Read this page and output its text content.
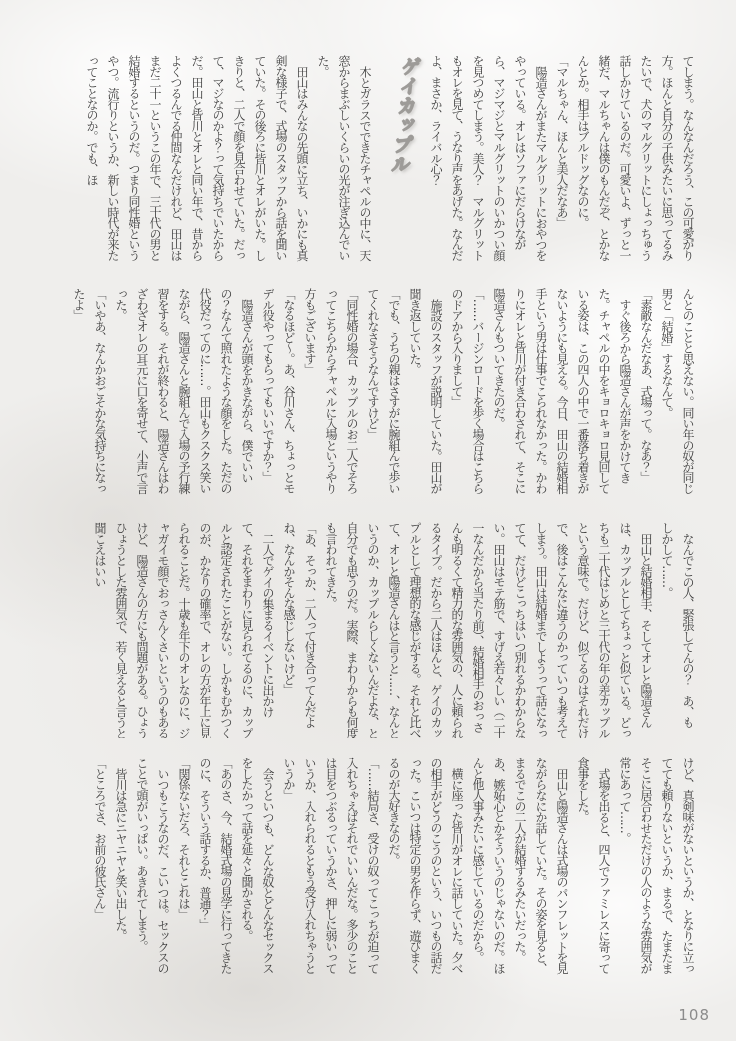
てしまう。なんなんだろう、この可愛がり方。ほんと自分の子供みたいに思ってるみたいで、犬のマルグリットにしょっちゅう話しかけているのだ。可愛いよ、ずっと一緒だ、マルちゃんは僕のもんだぞ、とかなんとか。相手はブルドッグなのに。

「マルちゃん、ほんと美人だなあ」

陽造さんがまたマルグリットにおやつをやっている。オレはソファにだらけながら、マジマジとマルグリットのいかつい顔を見つめてしまう。美人？　マルグリットもオレを見て、うなり声をあげた。なんだよ、まさか、ライバル心？

ゲイカップル

木とガラスでできたチャペルの中に、天窓からまぶしいくらいの光が注ぎ込んでいた。

田山はみんなの先頭に立ち、いかにも真剣な様子で、式場のスタッフから話を聞いていた。その後ろに皆川とオレがいた。しきりと、二人で顔を見合わせていた。だって、マジなのかよ？って気持ちでいたからだ。田山と皆川とオレと同い年で、昔からよくつるんでる仲間なんだけれど、田山はまだ二十一というこの年で、三十代の男と結婚するというのだ。つまり同性婚というやつ。流行りというか、新しい時代が来たってことなのか。でも、ほ

んとのことと思えない。同い年の奴が同じ男と「結婚」するなんて。

「素敵なんだなあ、式場って。なあ？」

すぐ後ろから陽造さんが声をかけてきた。チャペルの中をキョロキョロ見回している姿は、この四人の中で一番落ち着きがないようにも見える。今日、田山の結婚相手という男は仕事でこられなかった。かわりにオレと皆川が付き合わされて、そこに陽造さんもついてきたのだ。

「……バージンロードを歩く場合はこちらのドアから入りまして」

施設のスタッフが説明していた。田山が聞き返していた。

「でも、うちの親はさすがに腕組んで歩いてくれなさそうなんですけど」

「同性婚の場合、カップルのお二人でそろってこちらからチャペルに入場というやり方もございます」

「なるほど〜。あ、谷川さん、ちょっとモデル役やってもらってもいいですか？」

陽造さんが頭をかきながら、僕でいいの？なんて照れたような顔をした。ただの代役だってのに……。田山もクスクス笑いながら、陽造さんと腕組んで入場の予行練習をする。それが終わると、陽造さんはわざわざオレの耳元に口を寄せて、小声で言った。

「いやあ、なんかおごそかな気持ちになったよ」

なんでこの人、緊張してんの？　あ、もしかして……。

田山と結婚相手、そしてオレと陽造さんは、カップルとしてちょっと似ている。どっちも二十代はじめと三十代の年の差カップルという意味で。だけど、似てるのはそれだけで、後はこんなに違うのかっていつも考えてしまう。田山は結婚までしようって話になってて、だけどこっちはいつ別れるかわからない。田山はモテ筋で、すげえ若々しい（二十一なんだから当たり前）、結婚相手のおっさんも明るくて精力的な雰囲気の、人に頼られるタイプ。だから二人はほんと、ゲイのカップルとして理想的な感じがする。それと比べて、オレと陽造さんはと言うと……、なんというのか、カップルらしくないんだよな、と自分でも思うのだ。実際、まわりからも何度も言われてきた。

「あ、そっか、二人って付き合ってんだよね、なんかそんな感じしないけど」

二人でゲイの集まるイベントに出かけて、それをまわりに見られてるのに、カップルと認定されたことがない。しかもむかつくのが、かなりの確率で、オレの方が年上に見られることだ。十歳も年下のオレなのに、ジャガイモ顔でおっさんくさいというのもあるけど、陽造さんの方にも問題がある。ひょうひょうとした雰囲気で、若く見えると言うと聞こえはいい

けど、真剣味がないというか、となりに立ってても頼りないというか、まるで、たまたまそこに居合わせただけの人のような雰囲気が常にあって……。

式場を出ると、四人でファミレスに寄って食事をした。

田山と陽造さんは式場のパンフレットを見ながらなにか話していた。その姿を見ると、まるでこの二人が結婚するみたいだった。あ、嫉妬心とかそういうのじゃないのだ。ほんと他人事みたいに感じているのだから。

横に座った皆川がオレに話していた。夕べの相手がどうのこうのという、いつもの話だった。こいつは特定の男を作らず、遊びまくるのが大好きなのだ。

「……結局さ、受けの奴ってこっちが迫って入れちゃえばそれでいいんだな。多少のことは目をつぶるっていうかさ、押しに弱いっていうか、入れられるともう受け入れちゃうというか」

会うといつも、どんな奴とどんなセックスをしたかって話を延々と聞かされる。

「あのさ、今、結婚式場の見学に行ってきたのに、そういう話するか、普通？」

「関係ないだろ、それとこれは」

いつもこうなのだ、こいつは。セックスのことで頭がいっぱい。あきれてしまう。

皆川は急にニヤニヤと笑い出した。

「ところでさ、お前の彼氏さん」

108
